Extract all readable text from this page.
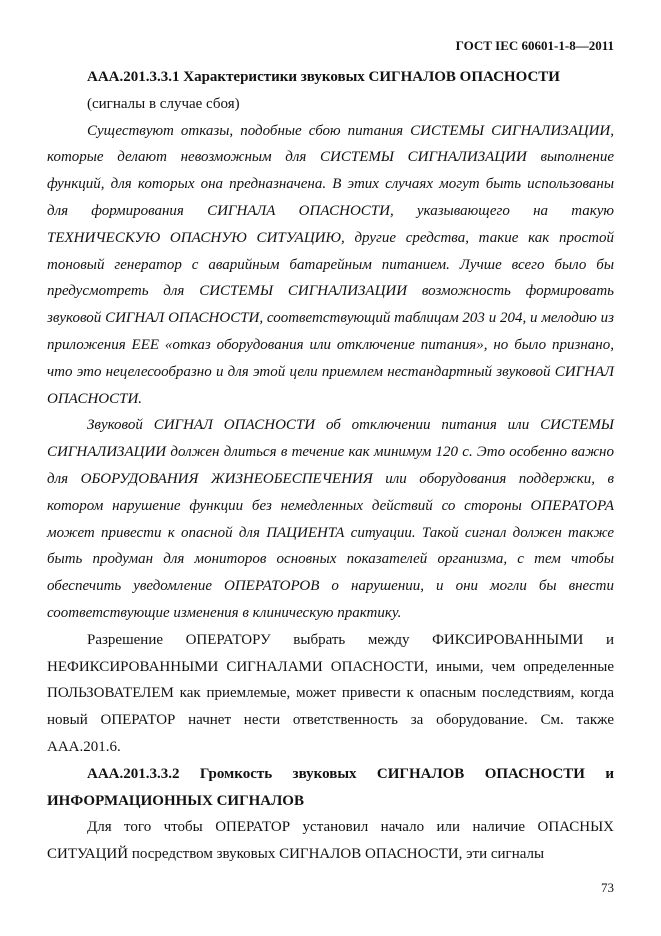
ГОСТ IEC 60601-1-8—2011

AAA.201.3.3.1 Характеристики звуковых СИГНАЛОВ ОПАСНОСТИ

(сигналы в случае сбоя)

Существуют отказы, подобные сбою питания СИСТЕМЫ СИГНАЛИЗАЦИИ, которые делают невозможным для СИСТЕМЫ СИГНАЛИЗАЦИИ выполнение функций, для которых она предназначена. В этих случаях могут быть использованы для формирования СИГНАЛА ОПАСНОСТИ, указывающего на такую ТЕХНИЧЕСКУЮ ОПАСНУЮ СИТУАЦИЮ, другие средства, такие как простой тоновый генератор с аварийным батарейным питанием. Лучше всего было бы предусмотреть для СИСТЕМЫ СИГНАЛИЗАЦИИ возможность формировать звуковой СИГНАЛ ОПАСНОСТИ, соответствующий таблицам 203 и 204, и мелодию из приложения ЕЕЕ «отказ оборудования или отключение питания», но было признано, что это нецелесообразно и для этой цели приемлем нестандартный звуковой СИГНАЛ ОПАСНОСТИ.

Звуковой СИГНАЛ ОПАСНОСТИ об отключении питания или СИСТЕМЫ СИГНАЛИЗАЦИИ должен длиться в течение как минимум 120 с. Это особенно важно для ОБОРУДОВАНИЯ ЖИЗНЕОБЕСПЕЧЕНИЯ или оборудования поддержки, в котором нарушение функции без немедленных действий со стороны ОПЕРАТОРА может привести к опасной для ПАЦИЕНТА ситуации. Такой сигнал должен также быть продуман для мониторов основных показателей организма, с тем чтобы обеспечить уведомление ОПЕРАТОРОВ о нарушении, и они могли бы внести соответствующие изменения в клиническую практику.

Разрешение ОПЕРАТОРУ выбрать между ФИКСИРОВАННЫМИ и НЕФИКСИРОВАННЫМИ СИГНАЛАМИ ОПАСНОСТИ, иными, чем определенные ПОЛЬЗОВАТЕЛЕМ как приемлемые, может привести к опасным последствиям, когда новый ОПЕРАТОР начнет нести ответственность за оборудование. См. также ААА.201.6.

AAA.201.3.3.2 Громкость звуковых СИГНАЛОВ ОПАСНОСТИ и ИНФОРМАЦИОННЫХ СИГНАЛОВ

Для того чтобы ОПЕРАТОР установил начало или наличие ОПАСНЫХ СИТУАЦИЙ посредством звуковых СИГНАЛОВ ОПАСНОСТИ, эти сигналы

73
